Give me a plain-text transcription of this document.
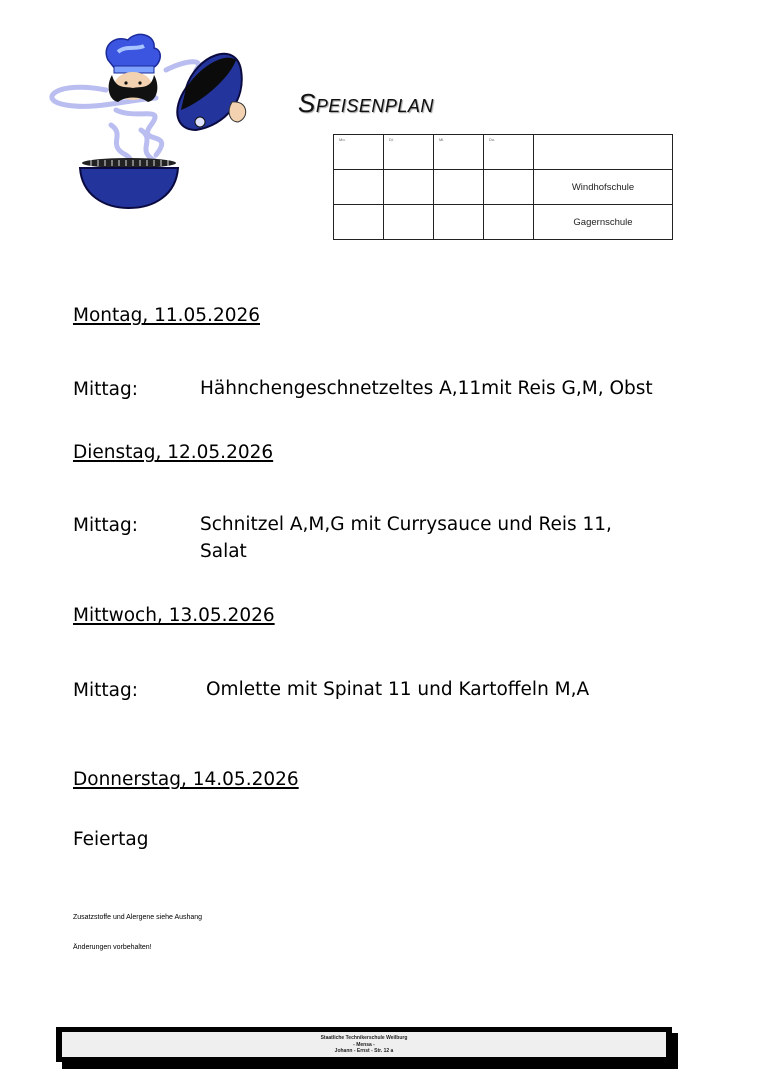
Speisenplan
Mo.	Di.	Mi.	Do.	

				Windhofschule
				Gagernschule
Montag, 11.05.2026
Mittag:	Hähnchengeschnetzeltes A,11mit Reis G,M, Obst
Dienstag, 12.05.2026
Mittag:	Schnitzel A,M,G mit Currysauce und Reis 11,
Salat
Mittwoch, 13.05.2026
Mittag:	Omlette mit Spinat 11 und Kartoffeln M,A
Donnerstag, 14.05.2026
Feiertag
Zusatzstoffe und Alergene siehe Aushang
Änderungen vorbehalten!
Staatliche Technikerschule Weilburg
- Mensa -
Johann - Ernst - Str. 12 a
